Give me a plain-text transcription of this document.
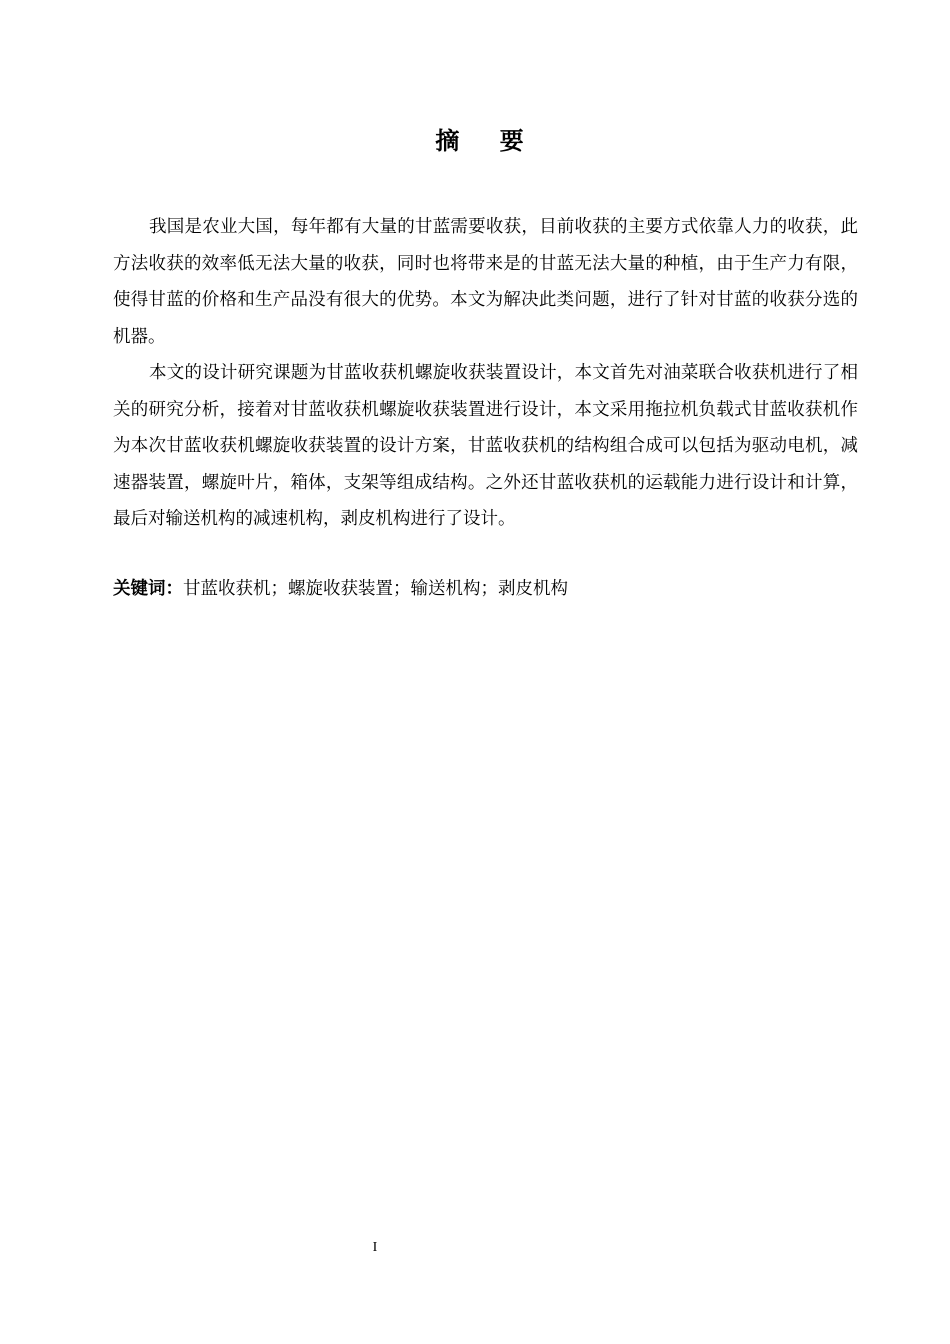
摘 要

我国是农业大国，每年都有大量的甘蓝需要收获，目前收获的主要方式依靠人力的收获，此方法收获的效率低无法大量的收获，同时也将带来是的甘蓝无法大量的种植，由于生产力有限，使得甘蓝的价格和生产品没有很大的优势。本文为解决此类问题，进行了针对甘蓝的收获分选的机器。

本文的设计研究课题为甘蓝收获机螺旋收获装置设计，本文首先对油菜联合收获机进行了相关的研究分析，接着对甘蓝收获机螺旋收获装置进行设计，本文采用拖拉机负载式甘蓝收获机作为本次甘蓝收获机螺旋收获装置的设计方案，甘蓝收获机的结构组合成可以包括为驱动电机，减速器装置，螺旋叶片，箱体，支架等组成结构。之外还甘蓝收获机的运载能力进行设计和计算，最后对输送机构的减速机构，剥皮机构进行了设计。

关键词：甘蓝收获机；螺旋收获装置；输送机构；剥皮机构
I
